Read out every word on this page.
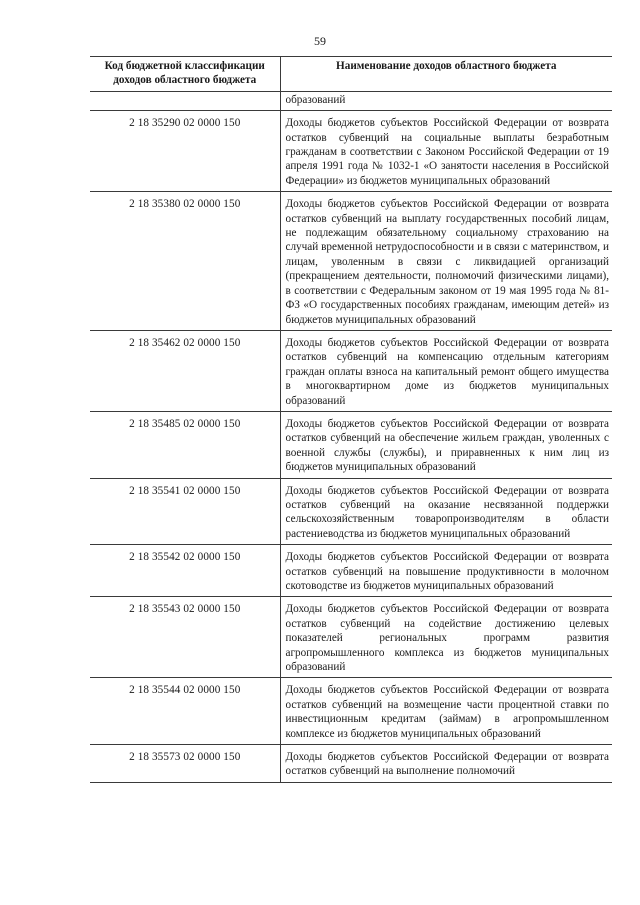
59
Код бюджетной классификации доходов областного бюджета	Наименование доходов областного бюджета
	образований
2 18 35290 02 0000 150	Доходы бюджетов субъектов Российской Федерации от возврата остатков субвенций на социальные выплаты безработным гражданам в соответствии с Законом Российской Федерации от 19 апреля 1991 года № 1032-1 «О занятости населения в Российской Федерации» из бюджетов муниципальных образований
2 18 35380 02 0000 150	Доходы бюджетов субъектов Российской Федерации от возврата остатков субвенций на выплату государственных пособий лицам, не подлежащим обязательному социальному страхованию на случай временной нетрудоспособности и в связи с материнством, и лицам, уволенным в связи с ликвидацией организаций (прекращением деятельности, полномочий физическими лицами), в соответствии с Федеральным законом от 19 мая 1995 года № 81-ФЗ «О государственных пособиях гражданам, имеющим детей» из бюджетов муниципальных образований
2 18 35462 02 0000 150	Доходы бюджетов субъектов Российской Федерации от возврата остатков субвенций на компенсацию отдельным категориям граждан оплаты взноса на капитальный ремонт общего имущества в многоквартирном доме из бюджетов муниципальных образований
2 18 35485 02 0000 150	Доходы бюджетов субъектов Российской Федерации от возврата остатков субвенций на обеспечение жильем граждан, уволенных с военной службы (службы), и приравненных к ним лиц из бюджетов муниципальных образований
2 18 35541 02 0000 150	Доходы бюджетов субъектов Российской Федерации от возврата остатков субвенций на оказание несвязанной поддержки сельскохозяйственным товаропроизводителям в области растениеводства из бюджетов муниципальных образований
2 18 35542 02 0000 150	Доходы бюджетов субъектов Российской Федерации от возврата остатков субвенций на повышение продуктивности в молочном скотоводстве из бюджетов муниципальных образований
2 18 35543 02 0000 150	Доходы бюджетов субъектов Российской Федерации от возврата остатков субвенций на содействие достижению целевых показателей региональных программ развития агропромышленного комплекса из бюджетов муниципальных образований
2 18 35544 02 0000 150	Доходы бюджетов субъектов Российской Федерации от возврата остатков субвенций на возмещение части процентной ставки по инвестиционным кредитам (займам) в агропромышленном комплексе из бюджетов муниципальных образований
2 18 35573 02 0000 150	Доходы бюджетов субъектов Российской Федерации от возврата остатков субвенций на выполнение полномочий
